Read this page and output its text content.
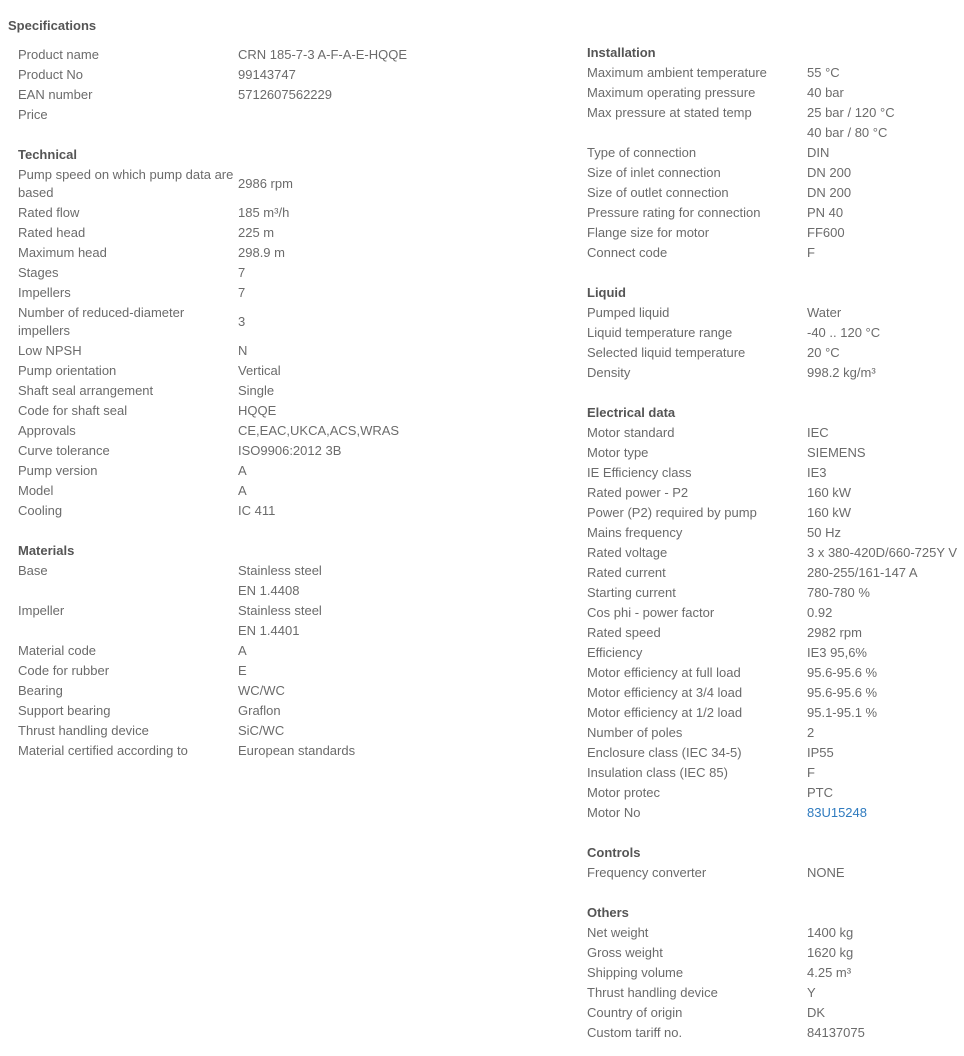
Specifications
Product name	CRN 185-7-3 A-F-A-E-HQQE
Product No	99143747
EAN number	5712607562229
Price
Technical
Pump speed on which pump data are based
2986 rpm
Rated flow	185 m³/h
Rated head	225 m
Maximum head	298.9 m
Stages	7
Impellers	7
Number of reduced-diameter impellers
3
Low NPSH	N
Pump orientation	Vertical
Shaft seal arrangement	Single
Code for shaft seal	HQQE
Approvals	CE,EAC,UKCA,ACS,WRAS
Curve tolerance	ISO9906:2012 3B
Pump version	A
Model	A
Cooling	IC 411
Materials
Base	Stainless steel
EN 1.4408
Impeller	Stainless steel
EN 1.4401
Material code	A
Code for rubber	E
Bearing	WC/WC
Support bearing	Graflon
Thrust handling device	SiC/WC
Material certified according to	European standards
Installation
Maximum ambient temperature	55 °C
Maximum operating pressure	40 bar
Max pressure at stated temp	25 bar / 120 °C
40 bar / 80 °C
Type of connection	DIN
Size of inlet connection	DN 200
Size of outlet connection	DN 200
Pressure rating for connection	PN 40
Flange size for motor	FF600
Connect code	F
Liquid
Pumped liquid	Water
Liquid temperature range	-40 .. 120 °C
Selected liquid temperature	20 °C
Density	998.2 kg/m³
Electrical data
Motor standard	IEC
Motor type	SIEMENS
IE Efficiency class	IE3
Rated power - P2	160 kW
Power (P2) required by pump	160 kW
Mains frequency	50 Hz
Rated voltage	3 x 380-420D/660-725Y V
Rated current	280-255/161-147 A
Starting current	780-780 %
Cos phi - power factor	0.92
Rated speed	2982 rpm
Efficiency	IE3 95,6%
Motor efficiency at full load	95.6-95.6 %
Motor efficiency at 3/4 load	95.6-95.6 %
Motor efficiency at 1/2 load	95.1-95.1 %
Number of poles	2
Enclosure class (IEC 34-5)	IP55
Insulation class (IEC 85)	F
Motor protec	PTC
Motor No	83U15248
Controls
Frequency converter	NONE
Others
Net weight	1400 kg
Gross weight	1620 kg
Shipping volume	4.25 m³
Thrust handling device	Y
Country of origin	DK
Custom tariff no.	84137075
